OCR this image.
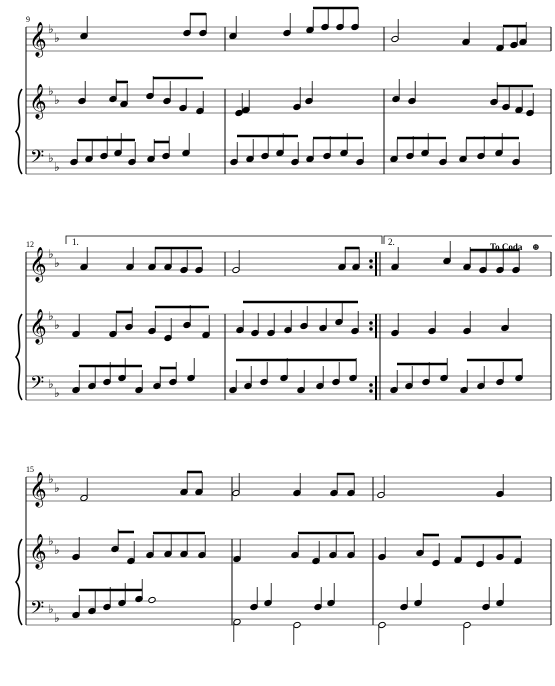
𝄞
𝄞
𝄢
♭
♭
♭
♭
♭
♭
𝄞
𝄞
𝄢
♭
♭
♭
♭
♭
♭
𝄞
𝄞
𝄢
♭
♭
♭
♭
♭
♭
9
12
15
1.	2.	To Coda ⊕
